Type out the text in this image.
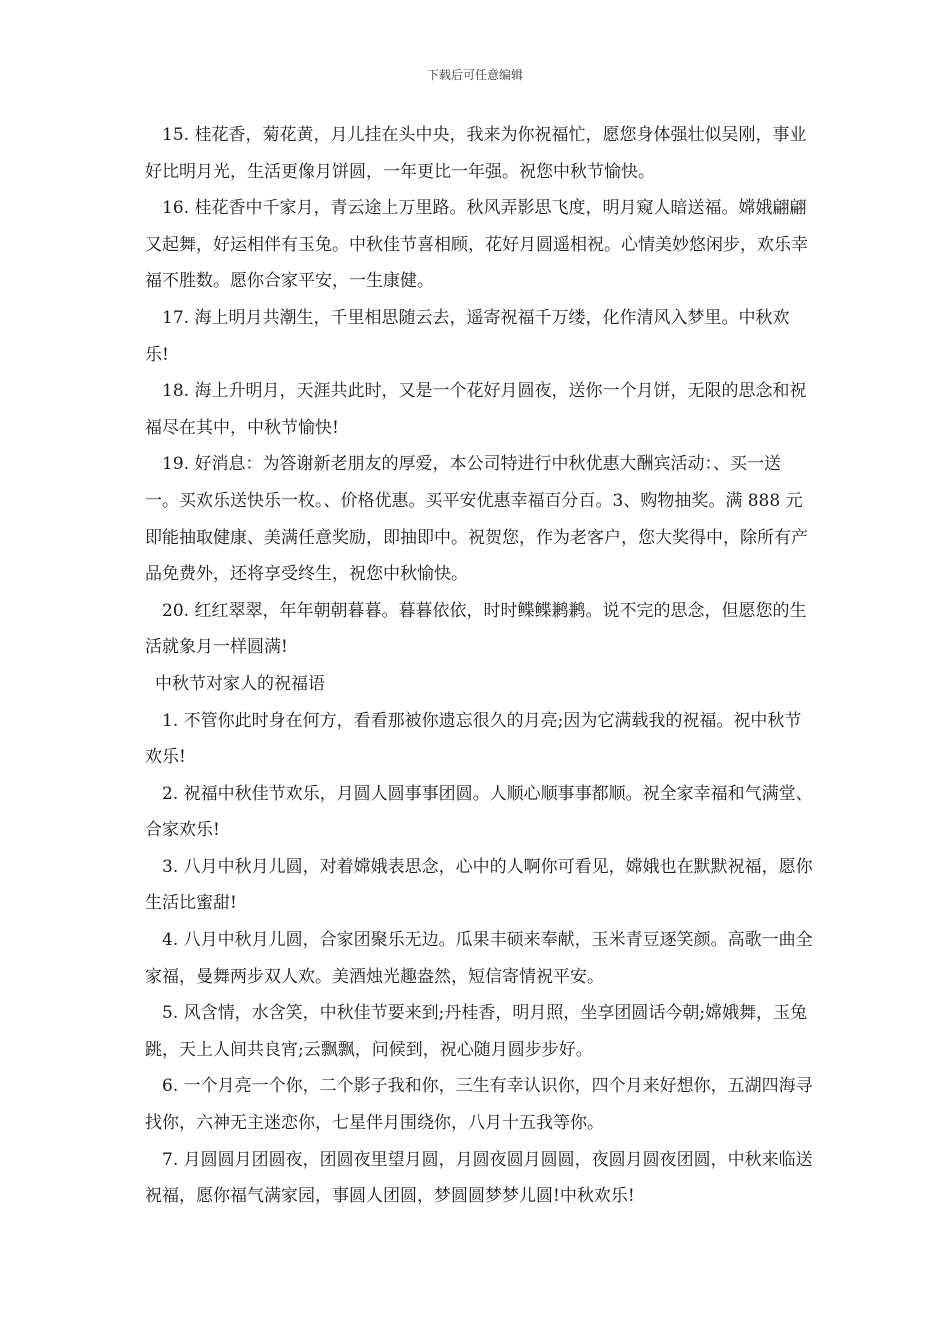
下载后可任意编辑

15. 桂花香，菊花黄，月儿挂在头中央，我来为你祝福忙，愿您身体强壮似吴刚，事业好比明月光，生活更像月饼圆，一年更比一年强。祝您中秋节愉快。

16. 桂花香中千家月，青云途上万里路。秋风弄影思飞度，明月窥人暗送福。嫦娥翩翩又起舞，好运相伴有玉兔。中秋佳节喜相顾，花好月圆遥相祝。心情美妙悠闲步，欢乐幸福不胜数。愿你合家平安，一生康健。

17. 海上明月共潮生，千里相思随云去，遥寄祝福千万缕，化作清风入梦里。中秋欢乐!

18. 海上升明月，天涯共此时，又是一个花好月圆夜，送你一个月饼，无限的思念和祝福尽在其中，中秋节愉快!

19. 好消息：为答谢新老朋友的厚爱，本公司特进行中秋优惠大酬宾活动：、买一送一。买欢乐送快乐一枚。、价格优惠。买平安优惠幸福百分百。3、购物抽奖。满 888 元即能抽取健康、美满任意奖励，即抽即中。祝贺您，作为老客户，您大奖得中，除所有产品免费外，还将享受终生，祝您中秋愉快。

20. 红红翠翠，年年朝朝暮暮。暮暮依依，时时鲽鲽鹣鹣。说不完的思念，但愿您的生活就象月一样圆满!

中秋节对家人的祝福语

1. 不管你此时身在何方，看看那被你遗忘很久的月亮;因为它满载我的祝福。祝中秋节欢乐!

2. 祝福中秋佳节欢乐，月圆人圆事事团圆。人顺心顺事事都顺。祝全家幸福和气满堂、合家欢乐!

3. 八月中秋月儿圆，对着嫦娥表思念，心中的人啊你可看见，嫦娥也在默默祝福，愿你生活比蜜甜!

4. 八月中秋月儿圆，合家团聚乐无边。瓜果丰硕来奉献，玉米青豆逐笑颜。高歌一曲全家福，曼舞两步双人欢。美酒烛光趣盎然，短信寄情祝平安。

5. 风含情，水含笑，中秋佳节要来到;丹桂香，明月照，坐享团圆话今朝;嫦娥舞，玉兔跳，天上人间共良宵;云飘飘，问候到，祝心随月圆步步好。

6. 一个月亮一个你，二个影子我和你，三生有幸认识你，四个月来好想你，五湖四海寻找你，六神无主迷恋你，七星伴月围绕你，八月十五我等你。

7. 月圆圆月团圆夜，团圆夜里望月圆，月圆夜圆月圆圆，夜圆月圆夜团圆，中秋来临送祝福，愿你福气满家园，事圆人团圆，梦圆圆梦梦儿圆!中秋欢乐!
